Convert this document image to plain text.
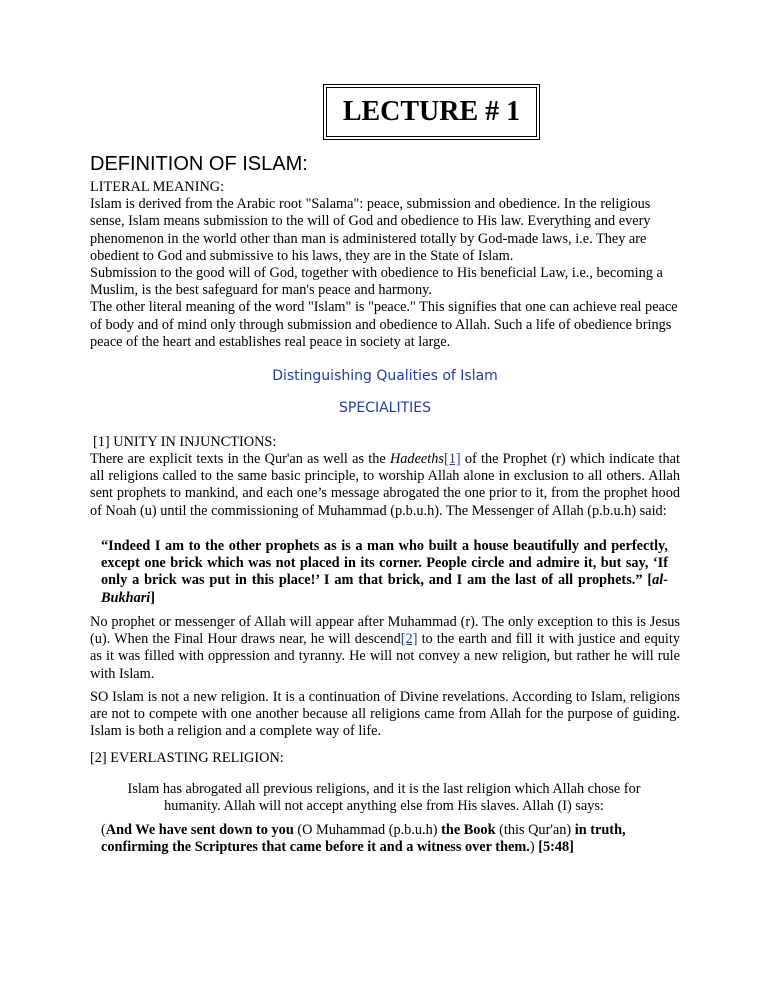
LECTURE # 1
DEFINITION OF ISLAM:
LITERAL MEANING:
Islam is derived from the Arabic root "Salama": peace, submission and obedience. In the religious sense, Islam means submission to the will of God and obedience to His law. Everything and every phenomenon in the world other than man is administered totally by God-made laws, i.e. They are obedient to God and submissive to his laws, they are in the State of Islam.
Submission to the good will of God, together with obedience to His beneficial Law, i.e., becoming a Muslim, is the best safeguard for man's peace and harmony.
The other literal meaning of the word "Islam" is "peace." This signifies that one can achieve real peace of body and of mind only through submission and obedience to Allah. Such a life of obedience brings peace of the heart and establishes real peace in society at large.
Distinguishing Qualities of Islam
SPECIALITIES
[1] UNITY IN INJUNCTIONS:
There are explicit texts in the Qur'an as well as the Hadeeths[1] of the Prophet (r) which indicate that all religions called to the same basic principle, to worship Allah alone in exclusion to all others. Allah sent prophets to mankind, and each one’s message abrogated the one prior to it, from the prophet hood of Noah (u) until the commissioning of Muhammad (p.b.u.h). The Messenger of Allah (p.b.u.h) said:
“Indeed I am to the other prophets as is a man who built a house beautifully and perfectly, except one brick which was not placed in its corner. People circle and admire it, but say, ‘If only a brick was put in this place!’ I am that brick, and I am the last of all prophets.” [al-Bukhari]
No prophet or messenger of Allah will appear after Muhammad (r). The only exception to this is Jesus (u). When the Final Hour draws near, he will descend[2] to the earth and fill it with justice and equity as it was filled with oppression and tyranny. He will not convey a new religion, but rather he will rule with Islam.
SO Islam is not a new religion. It is a continuation of Divine revelations. According to Islam, religions are not to compete with one another because all religions came from Allah for the purpose of guiding. Islam is both a religion and a complete way of life.
[2] EVERLASTING RELIGION:
Islam has abrogated all previous religions, and it is the last religion which Allah chose for humanity. Allah will not accept anything else from His slaves. Allah (I) says:
(And We have sent down to you (O Muhammad (p.b.u.h) the Book (this Qur'an) in truth, confirming the Scriptures that came before it and a witness over them.) [5:48]
